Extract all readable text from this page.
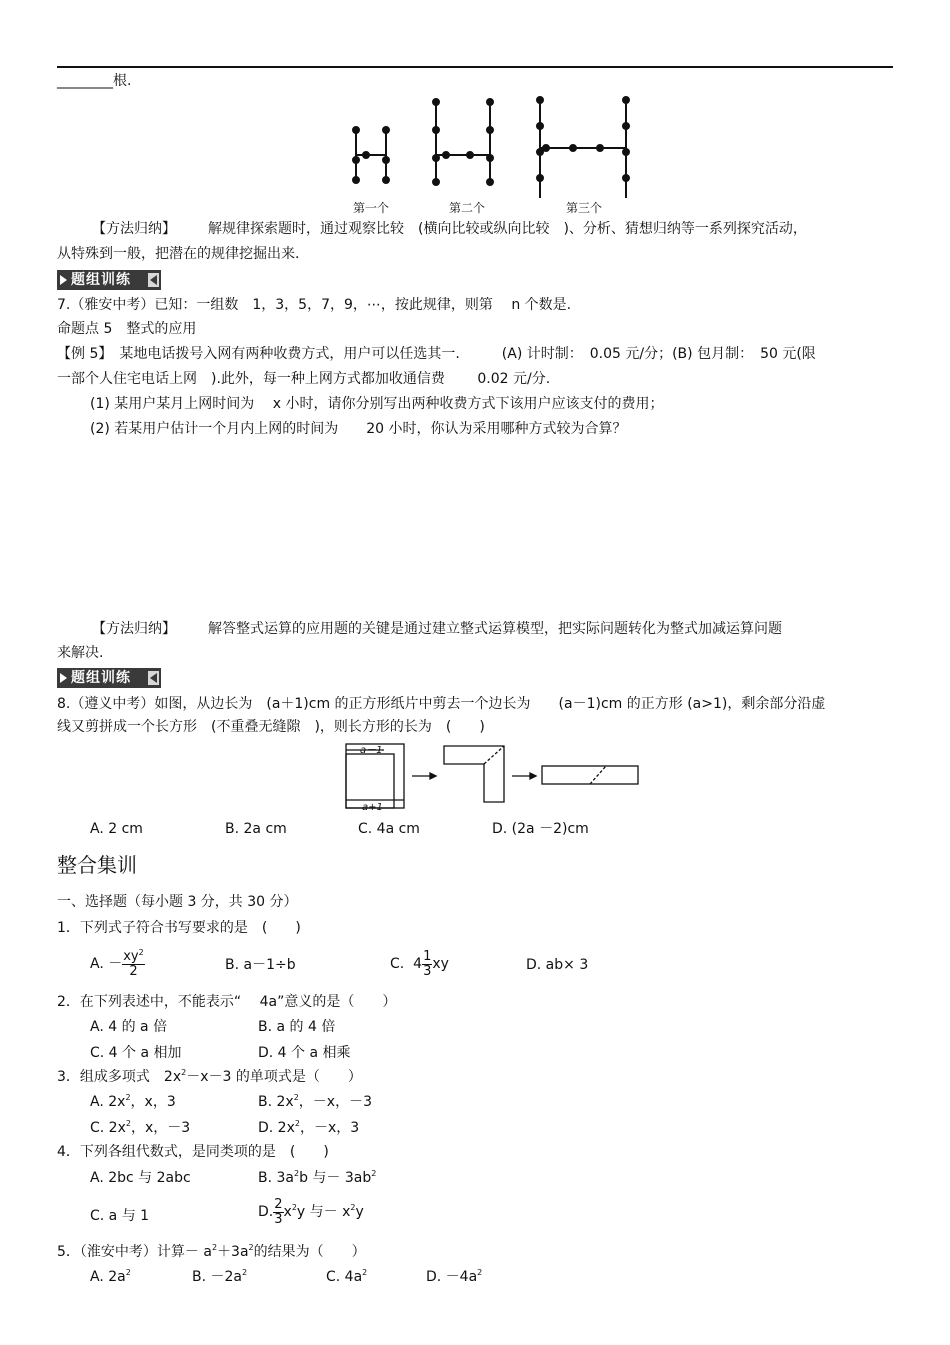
________根.
第一个	第二个	第三个
【方法归纳】 解规律探索题时，通过观察比较　(横向比较或纵向比较　)、分析、猜想归纳等一系列探究活动，
从特殊到一般，把潜在的规律挖掘出来.
题组训练
7.（雅安中考）已知：一组数　1，3，5，7，9，⋯，按此规律，则第　 n 个数是.
命题点 5　整式的应用
【例 5】　某地电话拨号入网有两种收费方式，用户可以任选其一.　　　(A) 计时制：　0.05 元/分；(B) 包月制：　50 元(限
一部个人住宅电话上网　).此外，每一种上网方式都加收通信费　　 0.02 元/分.
(1) 某用户某月上网时间为　 x 小时，请你分别写出两种收费方式下该用户应该支付的费用；
(2) 若某用户估计一个月内上网的时间为　　20 小时，你认为采用哪种方式较为合算？
【方法归纳】 解答整式运算的应用题的关键是通过建立整式运算模型，把实际问题转化为整式加减运算问题
来解决.
题组训练
8.（遵义中考）如图，从边长为　(a＋1)cm 的正方形纸片中剪去一个边长为　　(a－1)cm 的正方形 (a>1)，剩余部分沿虚
线又剪拼成一个长方形　(不重叠无缝隙　)，则长方形的长为　(　　)
a－1
a+1
A. 2 cm	B. 2a cm	C. 4a cm	D. (2a －2)cm
整合集训
一、选择题（每小题 3 分，共 30 分）
1．下列式子符合书写要求的是　(　　)
A. － $\frac{xy^2}{2}$	B. a－1÷b	C. $4 \frac{1}{3}$ xy	D. ab× 3
2．在下列表述中，不能表示“　 4a”意义的是（　　）
A. 4 的 a 倍	B. a 的 4 倍
C. 4 个 a 相加	D. 4 个 a 相乘
3．组成多项式　$2x^2-x-3$ 的单项式是（　　）
A. $2x^2$，x，3	B. $2x^2$，－x，－3
C. $2x^2$，x，－3	D. $2x^2$，－x，3
4．下列各组代数式，是同类项的是　(　　)
A. 2bc 与 2abc	B. $3a^2b$ 与－ $3ab^2$
C. a 与 1	D. $\frac{2}{3} x^2y$ 与－ $x^2y$
5．（淮安中考）计算－ $a^2+3a^2$的结果为（　　）
A. $2a^2$	B. $-2a^2$	C. $4a^2$	D. $-4a^2$
